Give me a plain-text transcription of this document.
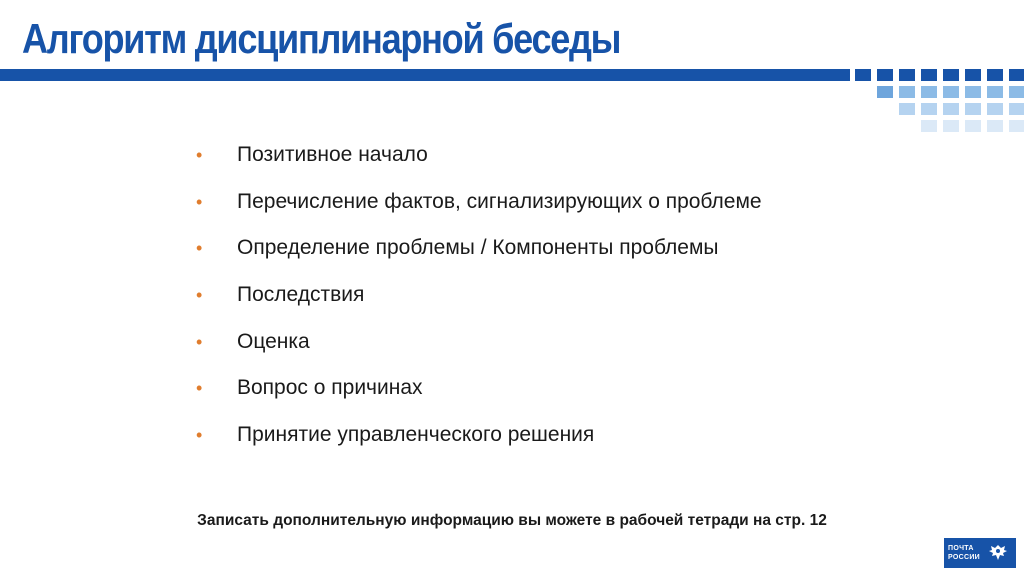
Алгоритм дисциплинарной беседы
•	Позитивное начало
•	Перечисление фактов, сигнализирующих о проблеме
•	Определение проблемы / Компоненты проблемы
•	Последствия
•	Оценка
•	Вопрос о причинах
•	Принятие управленческого решения

Записать дополнительную информацию вы можете в рабочей тетради на стр. 12

ПОЧТА
РОССИИ
